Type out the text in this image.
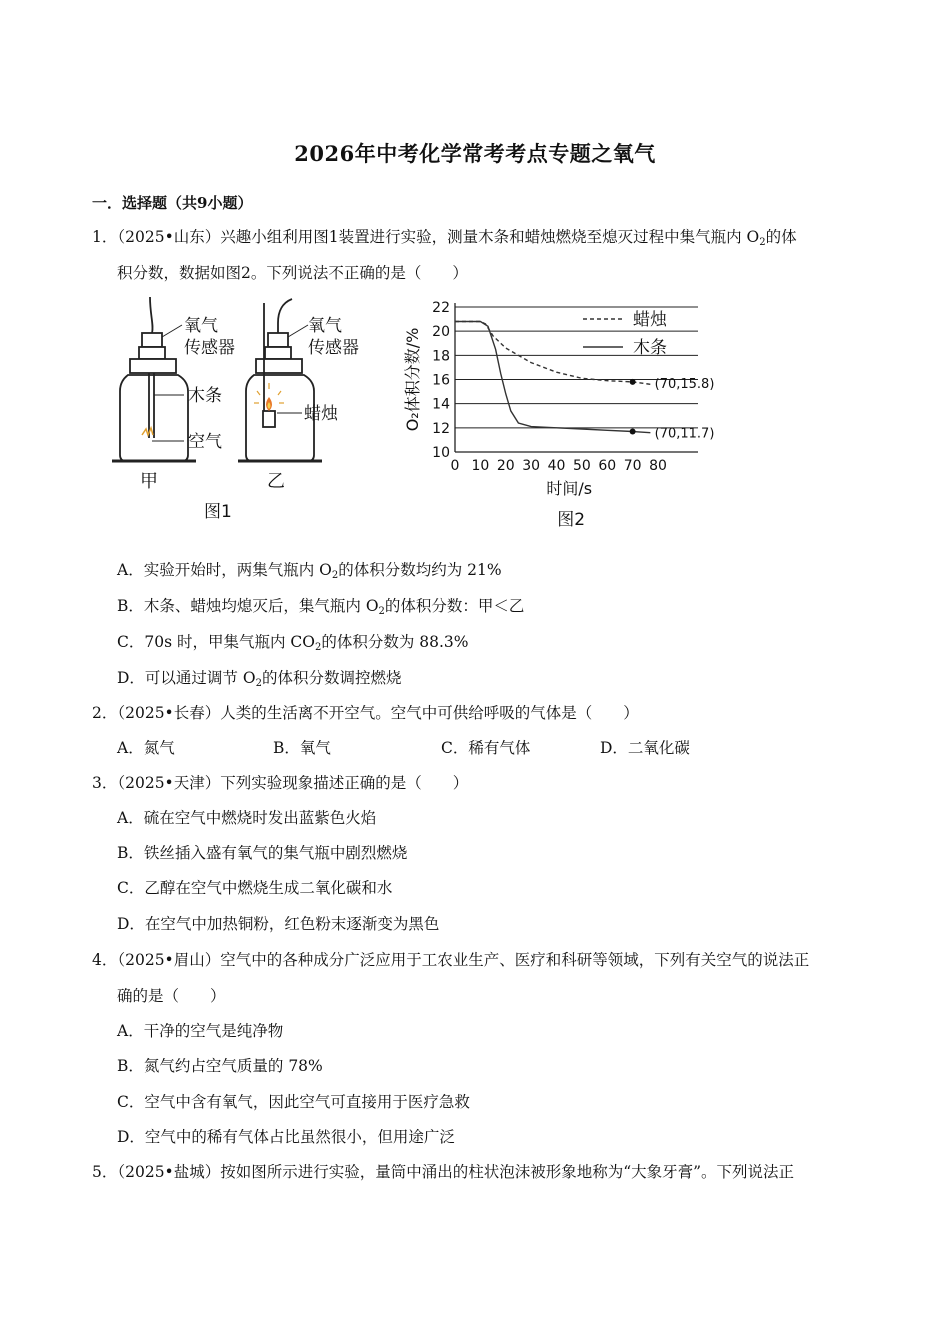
2026年中考化学常考考点专题之氧气
一．选择题（共9小题）
1．（2025•山东）兴趣小组利用图1装置进行实验，测量木条和蜡烛燃烧至熄灭过程中集气瓶内 $O_2$的体
积分数，数据如图2。下列说法不正确的是（　　）
氧气
传感器
木条
空气
甲
氧气
传感器
蜡烛
乙
图1
10
12
14
16
18
20
22
0 10 20 30 40 50 60 70 80
时间/s
O₂体积分数/%	(70,15.8)
(70,11.7)
图2
蜡烛
木条
A．实验开始时，两集气瓶内 $O_2$的体积分数均约为 21%
B．木条、蜡烛均熄灭后，集气瓶内 $O_2$的体积分数：甲＜乙
C．70s 时，甲集气瓶内 $CO_2$的体积分数为 88.3%
D．可以通过调节 $O_2$的体积分数调控燃烧
2．（2025•长春）人类的生活离不开空气。空气中可供给呼吸的气体是（　　）
A．氮气	B．氧气	C．稀有气体	D．二氧化碳
3．（2025•天津）下列实验现象描述正确的是（　　）
A．硫在空气中燃烧时发出蓝紫色火焰
B．铁丝插入盛有氧气的集气瓶中剧烈燃烧
C．乙醇在空气中燃烧生成二氧化碳和水
D．在空气中加热铜粉，红色粉末逐渐变为黑色
4．（2025•眉山）空气中的各种成分广泛应用于工农业生产、医疗和科研等领域，下列有关空气的说法正
确的是（　　）
A．干净的空气是纯净物
B．氮气约占空气质量的 78%
C．空气中含有氧气，因此空气可直接用于医疗急救
D．空气中的稀有气体占比虽然很小，但用途广泛
5．（2025•盐城）按如图所示进行实验，量筒中涌出的柱状泡沫被形象地称为“大象牙膏”。下列说法正
